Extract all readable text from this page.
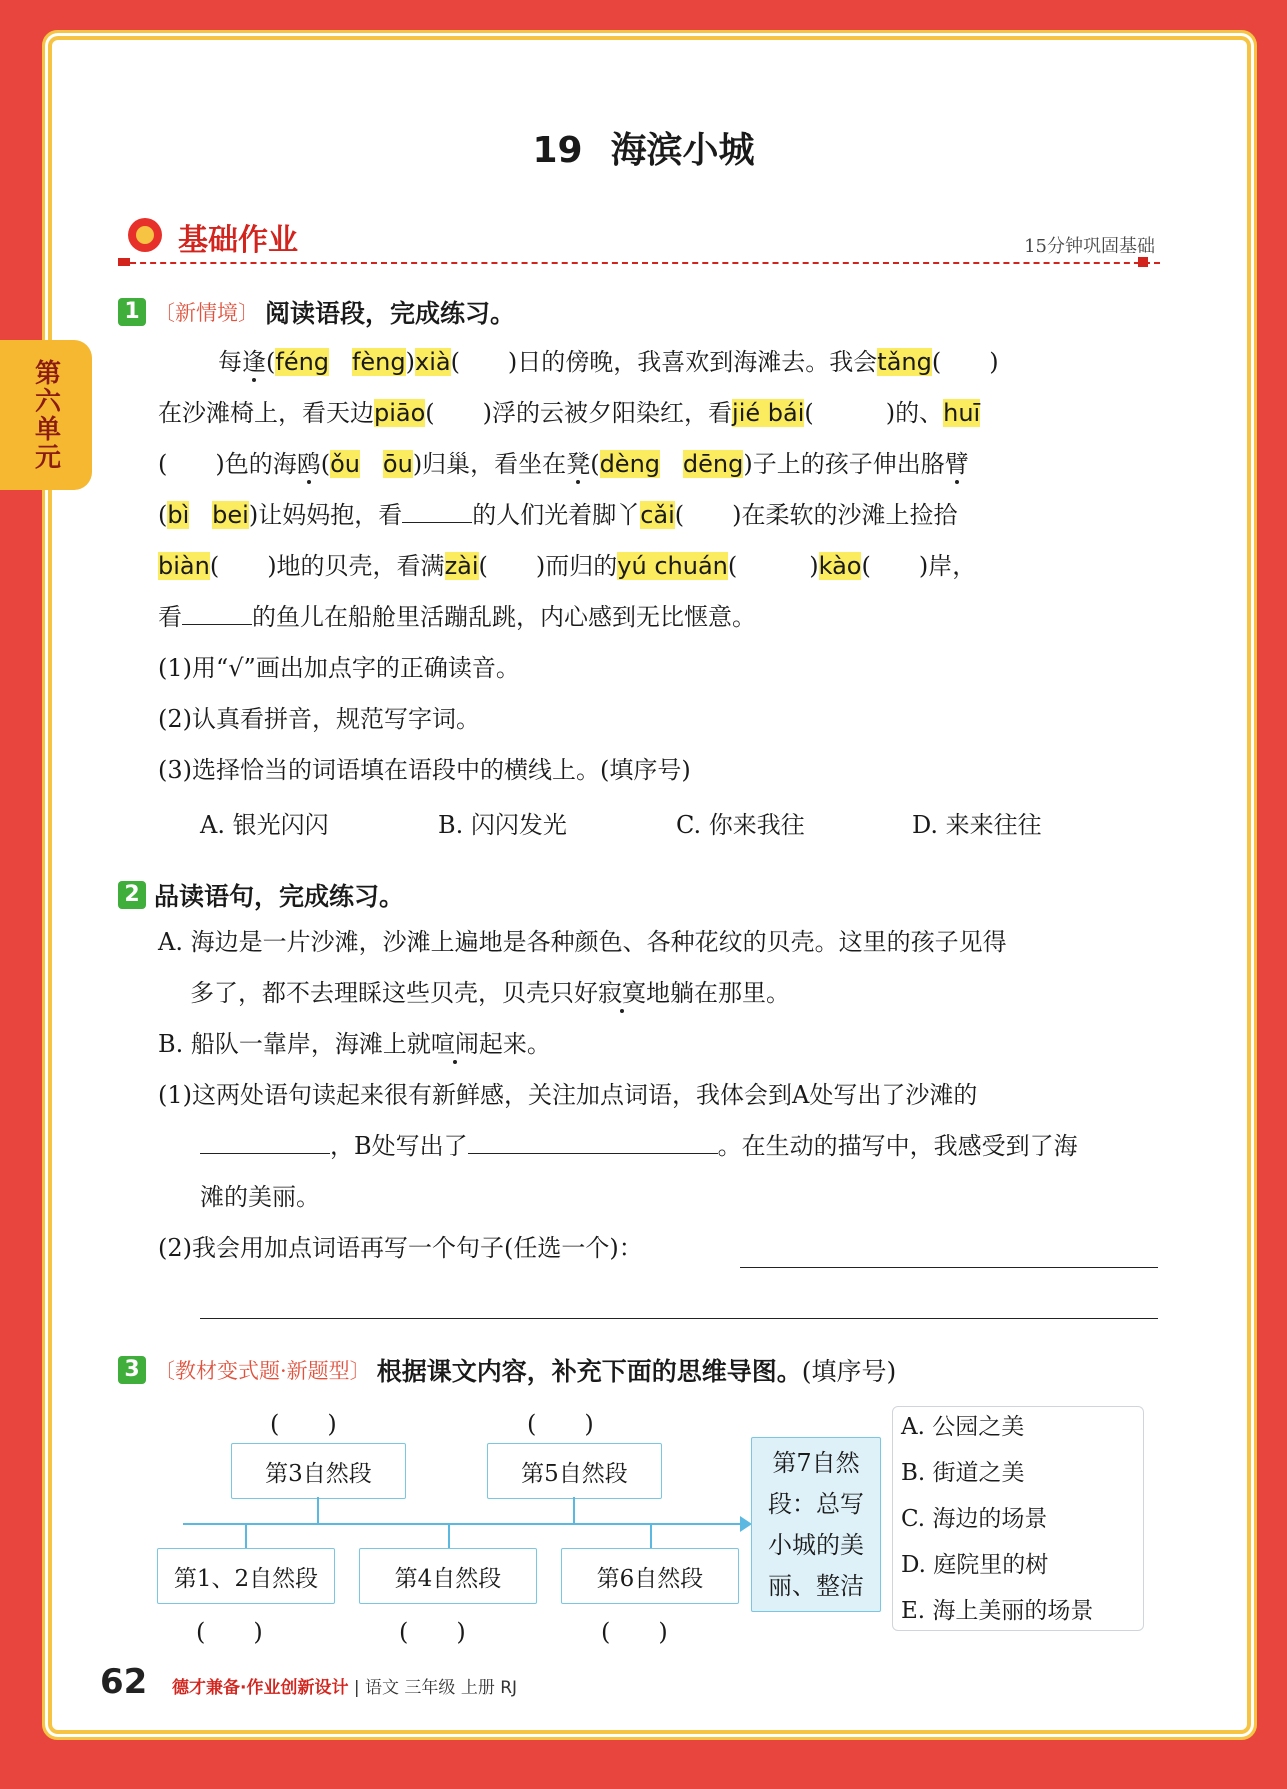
第六单元
19 海滨小城
基础作业	15分钟巩固基础
1 〔新情境〕 阅读语段，完成练习。
每逢(féng fèng)xià(　　)日的傍晚，我喜欢到海滩去。我会tǎng(　　)
在沙滩椅上，看天边piāo(　　)浮的云被夕阳染红，看jié bái(　　　)的、huī
(　　)色的海鸥(ǒu ōu)归巢，看坐在凳(dèng dēng)子上的孩子伸出胳臂
(bì bei)让妈妈抱，看	的人们光着脚丫cǎi(　　)在柔软的沙滩上捡拾
biàn(　　)地的贝壳，看满zài(　　)而归的yú chuán(　　　)kào(　　)岸，
看	的鱼儿在船舱里活蹦乱跳，内心感到无比惬意。
(1)用“√”画出加点字的正确读音。
(2)认真看拼音，规范写字词。
(3)选择恰当的词语填在语段中的横线上。(填序号)
A. 银光闪闪	B. 闪闪发光	C. 你来我往	D. 来来往往
2 品读语句，完成练习。
A. 海边是一片沙滩，沙滩上遍地是各种颜色、各种花纹的贝壳。这里的孩子见得
多了，都不去理睬这些贝壳，贝壳只好寂寞地躺在那里。
B. 船队一靠岸，海滩上就喧闹起来。
(1)这两处语句读起来很有新鲜感，关注加点词语，我体会到A处写出了沙滩的
，B处写出了	。在生动的描写中，我感受到了海
滩的美丽。
(2)我会用加点词语再写一个句子(任选一个)：
3 〔教材变式题·新题型〕 根据课文内容，补充下面的思维导图。 (填序号)
(　　)	(　　)
第3自然段	第5自然段
第1、2自然段	第4自然段	第6自然段
(　　)	(　　)	(　　)
第7自然
段：总写
小城的美
丽、整洁
A. 公园之美
B. 街道之美
C. 海边的场景
D. 庭院里的树
E. 海上美丽的场景
62 德才兼备·作业创新设计 | 语文 三年级 上册 RJ
